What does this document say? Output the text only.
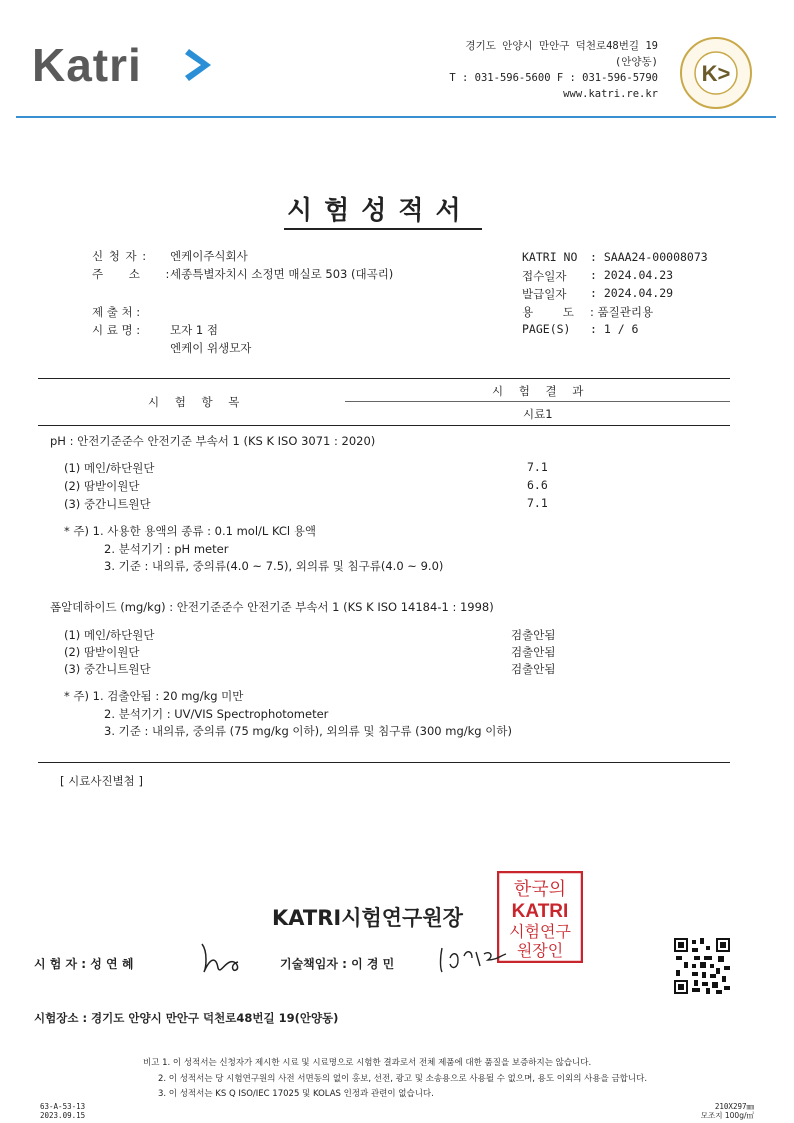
Katri	경기도 안양시 만안구 덕천로48번길 19
(안양동)
T : 031-596-5600 F : 031-596-5790
www.katri.re.kr
K>
시험성적서
신 청 자 : 엔케이주식회사
주 소 : 세종특별자치시 소정면 매실로 503 (대곡리)
제 출 처 :
시 료 명 :	모자 1 점
엔케이 위생모자
KATRI NO : SAAA24-00008073
접수일자 : 2024.04.23
발급일자 : 2024.04.29
용 도 : 품질관리용
PAGE(S) : 1 / 6
시 험 항 목
시 험 결 과
시료1
pH : 안전기준준수 안전기준 부속서 1 (KS K ISO 3071 : 2020)
(1) 메인/하단원단	7.1
(2) 땀받이원단	6.6
(3) 중간니트원단	7.1
* 주) 1. 사용한 용액의 종류 : 0.1 mol/L KCl 용액
2. 분석기기 : pH meter
3. 기준 : 내의류, 중의류(4.0 ~ 7.5), 외의류 및 침구류(4.0 ~ 9.0)
폼알데하이드 (mg/kg) : 안전기준준수 안전기준 부속서 1 (KS K ISO 14184-1 : 1998)
(1) 메인/하단원단	검출안됨
(2) 땀받이원단	검출안됨
(3) 중간니트원단	검출안됨
* 주) 1. 검출안됨 : 20 mg/kg 미만
2. 분석기기 : UV/VIS Spectrophotometer
3. 기준 : 내의류, 중의류 (75 mg/kg 이하), 외의류 및 침구류 (300 mg/kg 이하)
[ 시료사진별첨 ]
KATRI시험연구원장
한국의
KATRI
시험연구
원장인
시 험 자 : 성 연 혜	기술책임자 : 이 경 민
시험장소 : 경기도 안양시 만안구 덕천로48번길 19(안양동)
비고 1. 이 성적서는 신청자가 제시한 시료 및 시료명으로 시험한 결과로서 전체 제품에 대한 품질을 보증하지는 않습니다.
2. 이 성적서는 당 시험연구원의 사전 서면동의 없이 홍보, 선전, 광고 및 소송용으로 사용될 수 없으며, 용도 이외의 사용을 금합니다.
3. 이 성적서는 KS Q ISO/IEC 17025 및 KOLAS 인정과 관련이 없습니다.
63-A-53-13
2023.09.15
210X297㎜
모조지 100g/㎡
